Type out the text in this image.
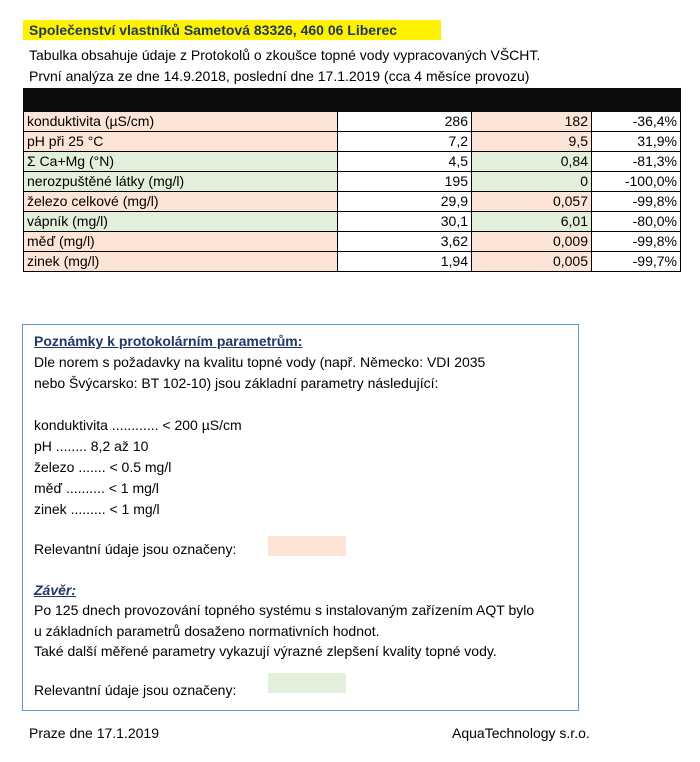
Společenství vlastníků Sametová 83326, 460 06 Liberec
Tabulka obsahuje údaje z Protokolů o zkoušce topné vody vypracovaných VŠCHT.
První analýza ze dne 14.9.2018, poslední dne 17.1.2019 (cca 4 měsíce provozu)

konduktivita (µS/cm)	286	182	-36,4%
pH při 25 °C	7,2	9,5	31,9%
Σ Ca+Mg (°N)	4,5	0,84	-81,3%
nerozpuštěné látky (mg/l)	195	0	-100,0%
železo celkové (mg/l)	29,9	0,057	-99,8%
vápník (mg/l)	30,1	6,01	-80,0%
měď (mg/l)	3,62	0,009	-99,8%
zinek (mg/l)	1,94	0,005	-99,7%
Poznámky k protokolárním parametrům:
Dle norem s požadavky na kvalitu topné vody (např. Německo: VDI 2035
nebo Švýcarsko: BT 102-10) jsou základní parametry následující:
konduktivita ............ < 200 µS/cm
pH ........ 8,2 až 10
železo ....... < 0.5 mg/l
měď .......... < 1 mg/l
zinek ......... < 1 mg/l
Relevantní údaje jsou označeny:
Závěr:
Po 125 dnech provozování topného systému s instalovaným zařízením AQT bylo
u základních parametrů dosaženo normativních hodnot.
Také další měřené parametry vykazují výrazné zlepšení kvality topné vody.
Relevantní údaje jsou označeny:
Praze dne 17.1.2019	AquaTechnology s.r.o.
